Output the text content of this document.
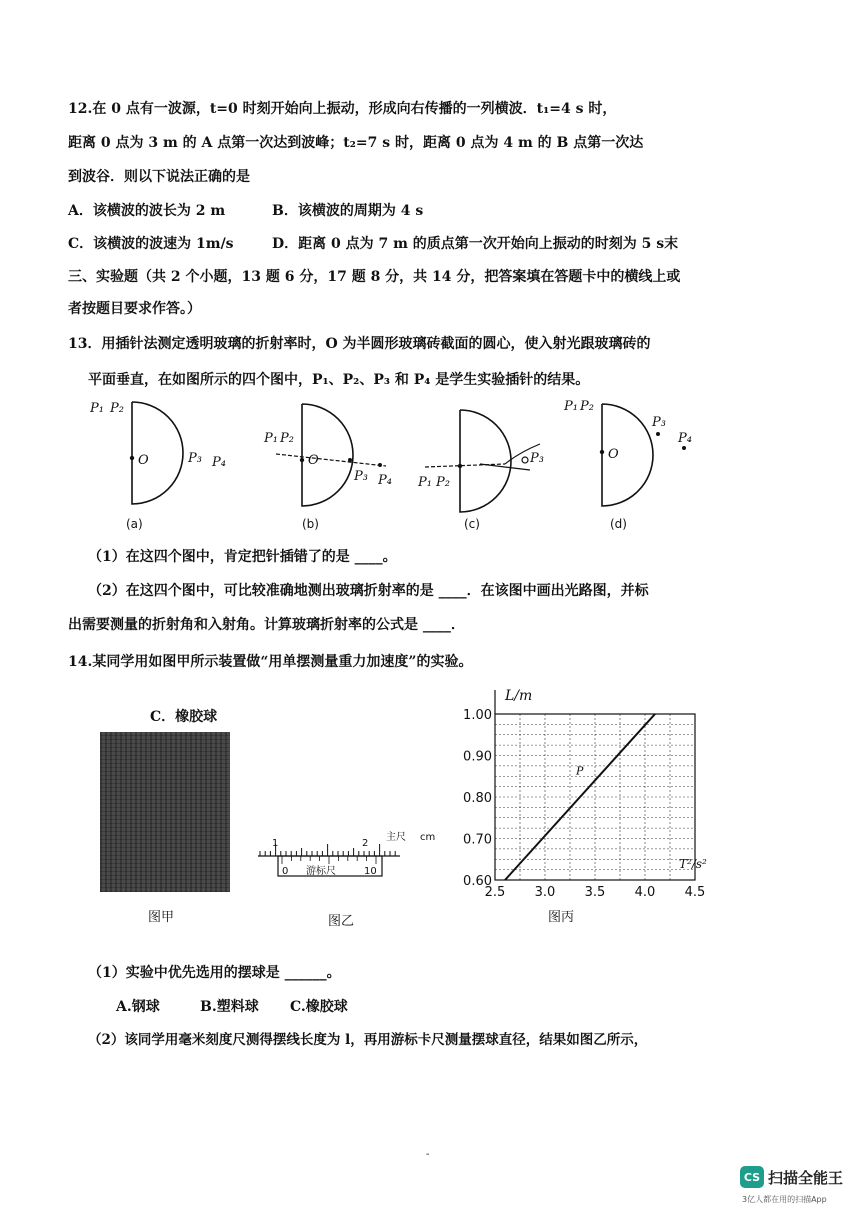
12.在 0 点有一波源，t=0 时刻开始向上振动，形成向右传播的一列横波．t₁=4 s 时，
距离 0 点为 3 m 的 A 点第一次达到波峰；t₂=7 s 时，距离 0 点为 4 m 的 B 点第一次达
到波谷．则以下说法正确的是
A．该横波的波长为 2 m	B．该横波的周期为 4 s
C．该横波的波速为 1m/s	D．距离 0 点为 7 m 的质点第一次开始向上振动的时刻为 5 s末
三、实验题（共 2 个小题，13 题 6 分，17 题 8 分，共 14 分，把答案填在答题卡中的横线上或
者按题目要求作答。）
13．用插针法测定透明玻璃的折射率时，O 为半圆形玻璃砖截面的圆心，使入射光跟玻璃砖的
平面垂直，在如图所示的四个图中，P₁、P₂、P₃ 和 P₄ 是学生实验插针的结果。
P₁ P₂
O	P₃ P₄
P₁ P₂
O
P₃ P₄ P₁ P₂
P₃
P₁ P₂
O
P₃
P₄
(a)	(b)	(c)	(d)
（1）在这四个图中，肯定把针插错了的是 ____。
（2）在这四个图中，可比较准确地测出玻璃折射率的是 ____．在该图中画出光路图，并标
出需要测量的折射角和入射角。计算玻璃折射率的公式是 ____．
14.某同学用如图甲所示装置做“用单摆测量重力加速度”的实验。
C．橡胶球
图甲
1	2
主尺 cm
0 游标尺	10
图乙
0.60
0.70
0.80
0.90
1.00
2.5 3.0 3.5 4.0 4.5
P
L/m
T²/s²
图丙
（1）实验中优先选用的摆球是 ______。
A.钢球	B.塑料球 C.橡胶球
（2）该同学用毫米刻度尺测得摆线长度为 l，再用游标卡尺测量摆球直径，结果如图乙所示，
-
CS 扫描全能王
3亿人都在用的扫描App
